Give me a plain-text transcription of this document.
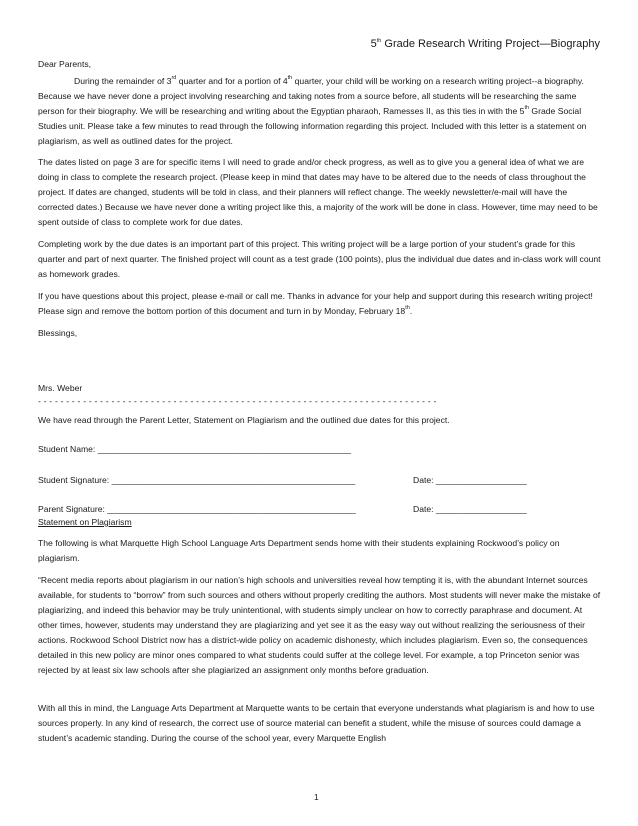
5th Grade Research Writing Project—Biography
Dear Parents,

During the remainder of 3rd quarter and for a portion of 4th quarter, your child will be working on a research writing project--a biography. Because we have never done a project involving researching and taking notes from a source before, all students will be researching the same person for their biography. We will be researching and writing about the Egyptian pharaoh, Ramesses II, as this ties in with the 5th Grade Social Studies unit. Please take a few minutes to read through the following information regarding this project. Included with this letter is a statement on plagiarism, as well as outlined dates for the project.

The dates listed on page 3 are for specific items I will need to grade and/or check progress, as well as to give you a general idea of what we are doing in class to complete the research project. (Please keep in mind that dates may have to be altered due to the needs of class throughout the project. If dates are changed, students will be told in class, and their planners will reflect change. The weekly newsletter/e-mail will have the corrected dates.) Because we have never done a writing project like this, a majority of the work will be done in class. However, time may need to be spent outside of class to complete work for due dates.

Completing work by the due dates is an important part of this project. This writing project will be a large portion of your student’s grade for this quarter and part of next quarter. The finished project will count as a test grade (100 points), plus the individual due dates and in-class work will count as homework grades.

If you have questions about this project, please e-mail or call me. Thanks in advance for your help and support during this research writing project! Please sign and remove the bottom portion of this document and turn in by Monday, February 18th.

Blessings,
Mrs. Weber
- - - - - - - - - - - - - - - - - - - - - - - - - - - - - - - - - - - - - - - - - - - - - - - - - - - - - - - - - - - - - - - - - - - - - - -
We have read through the Parent Letter, Statement on Plagiarism and the outlined due dates for this project.
Student Name: _____________________________________________________
Student Signature: ___________________________________________________	Date: ___________________
Parent Signature: ____________________________________________________	Date: ___________________
Statement on Plagiarism

The following is what Marquette High School Language Arts Department sends home with their students explaining Rockwood’s policy on plagiarism.

“Recent media reports about plagiarism in our nation’s high schools and universities reveal how tempting it is, with the abundant Internet sources available, for students to “borrow” from such sources and others without properly crediting the authors. Most students will never make the mistake of plagiarizing, and indeed this behavior may be truly unintentional, with students simply unclear on how to correctly paraphrase and document. At other times, however, students may understand they are plagiarizing and yet see it as the easy way out without realizing the seriousness of their actions. Rockwood School District now has a district-wide policy on academic dishonesty, which includes plagiarism. Even so, the consequences detailed in this new policy are minor ones compared to what students could suffer at the college level. For example, a top Princeton senior was rejected by at least six law schools after she plagiarized an assignment only months before graduation.

With all this in mind, the Language Arts Department at Marquette wants to be certain that everyone understands what plagiarism is and how to use sources properly. In any kind of research, the correct use of source material can benefit a student, while the misuse of sources could damage a student’s academic standing. During the course of the school year, every Marquette English

1
